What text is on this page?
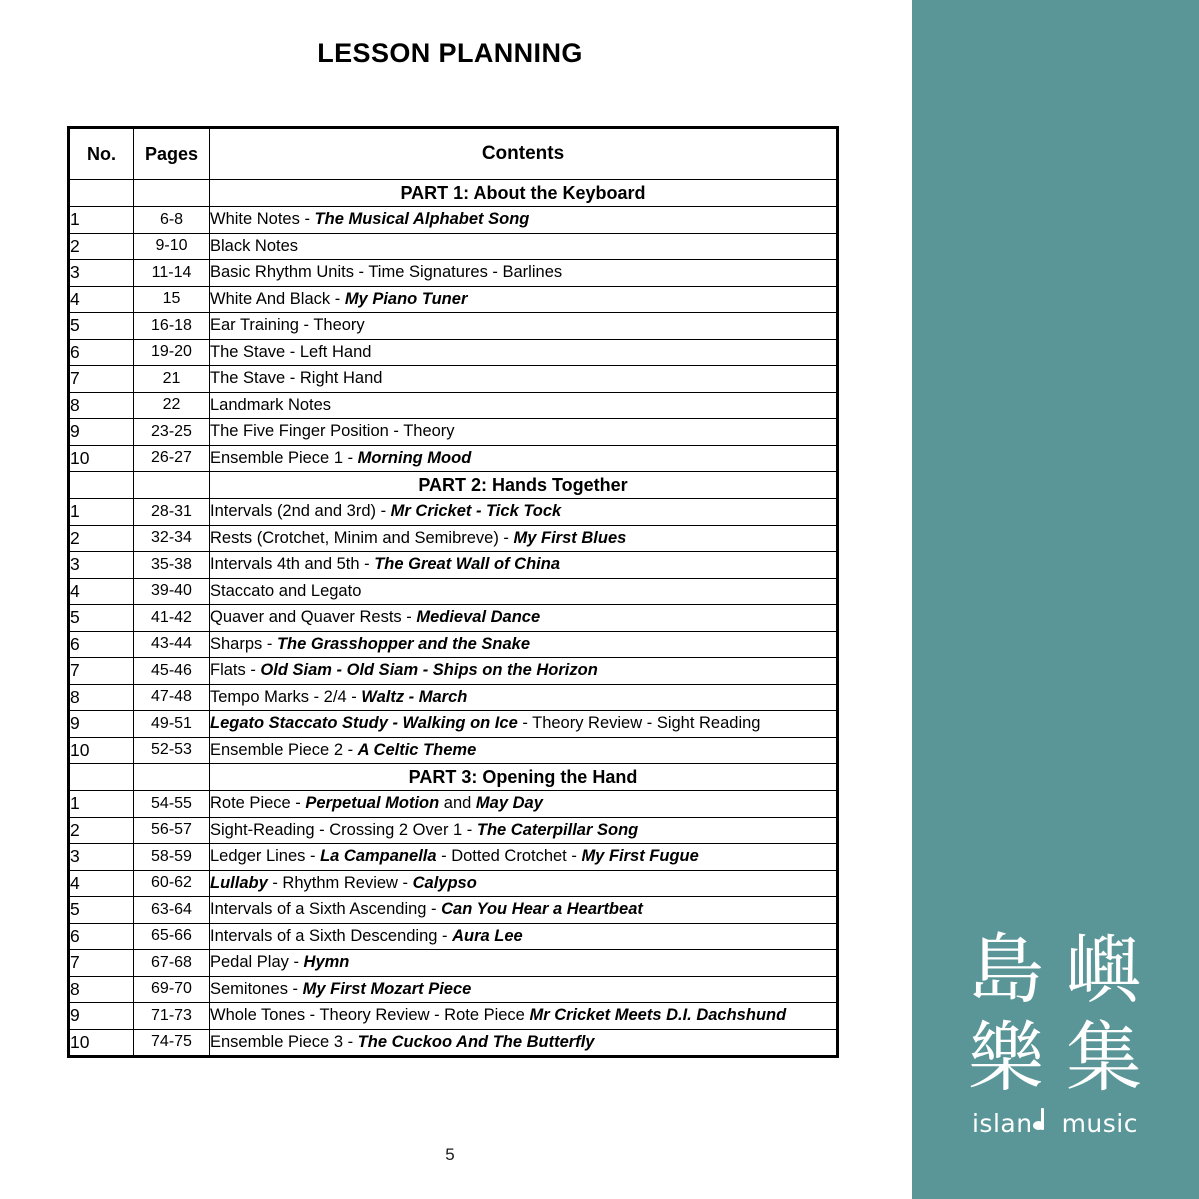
LESSON PLANNING
No.	Pages	Contents
		PART 1: About the Keyboard
1	6-8	White Notes - The Musical Alphabet Song
2	9-10	Black Notes
3	11-14	Basic Rhythm Units - Time Signatures - Barlines
4	15	White And Black - My Piano Tuner
5	16-18	Ear Training - Theory
6	19-20	The Stave - Left Hand
7	21	The Stave - Right Hand
8	22	Landmark Notes
9	23-25	The Five Finger Position - Theory
10	26-27	Ensemble Piece 1 - Morning Mood
		PART 2: Hands Together
1	28-31	Intervals (2nd and 3rd) - Mr Cricket - Tick Tock
2	32-34	Rests (Crotchet, Minim and Semibreve) - My First Blues
3	35-38	Intervals 4th and 5th - The Great Wall of China
4	39-40	Staccato and Legato
5	41-42	Quaver and Quaver Rests - Medieval Dance
6	43-44	Sharps - The Grasshopper and the Snake
7	45-46	Flats - Old Siam - Old Siam - Ships on the Horizon
8	47-48	Tempo Marks - 2/4 - Waltz - March
9	49-51	Legato Staccato Study - Walking on Ice - Theory Review - Sight Reading
10	52-53	Ensemble Piece 2 - A Celtic Theme
		PART 3: Opening the Hand
1	54-55	Rote Piece - Perpetual Motion and May Day
2	56-57	Sight-Reading - Crossing 2 Over 1 - The Caterpillar Song
3	58-59	Ledger Lines - La Campanella - Dotted Crotchet - My First Fugue
4	60-62	Lullaby - Rhythm Review - Calypso
5	63-64	Intervals of a Sixth Ascending - Can You Hear a Heartbeat
6	65-66	Intervals of a Sixth Descending - Aura Lee
7	67-68	Pedal Play - Hymn
8	69-70	Semitones - My First Mozart Piece
9	71-73	Whole Tones - Theory Review - Rote Piece Mr Cricket Meets D.I. Dachshund
10	74-75	Ensemble Piece 3 - The Cuckoo And The Butterfly
5
島 嶼
樂 集
islan music
